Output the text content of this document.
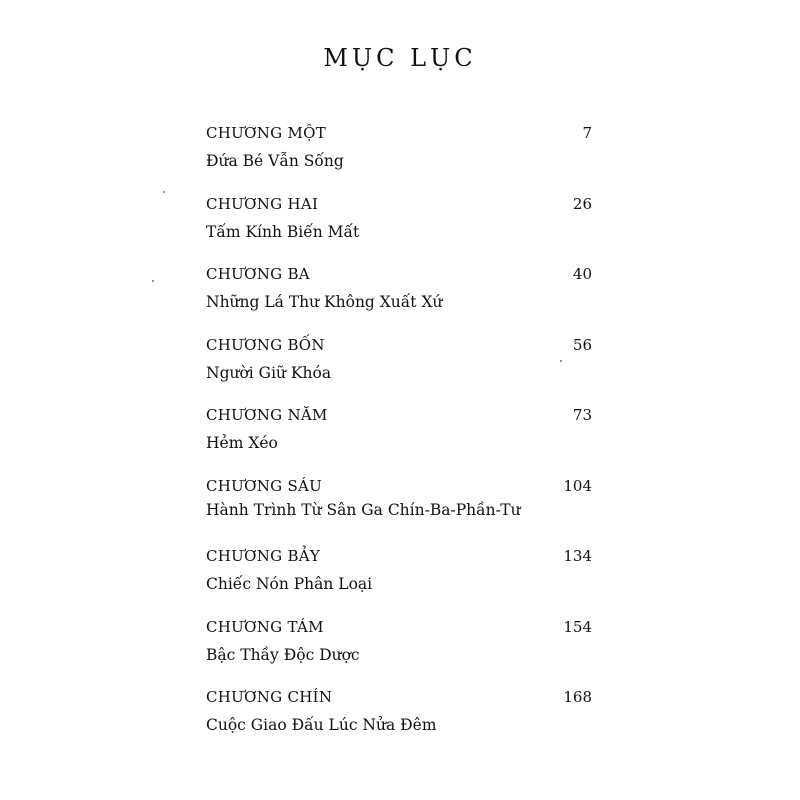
MỤC LỤC
CHƯƠNG MỘT	7
Đứa Bé Vẫn Sống
CHƯƠNG HAI	26
Tấm Kính Biến Mất
CHƯƠNG BA	40
Những Lá Thư Không Xuất Xứ
CHƯƠNG BỐN	56
Người Giữ Khóa
CHƯƠNG NĂM	73
Hẻm Xéo
CHƯƠNG SÁU	104
Hành Trình Từ Sân Ga Chín-Ba-Phần-Tư
CHƯƠNG BẢY	134
Chiếc Nón Phân Loại
CHƯƠNG TÁM	154
Bậc Thầy Độc Dược
CHƯƠNG CHÍN	168
Cuộc Giao Đấu Lúc Nửa Đêm
